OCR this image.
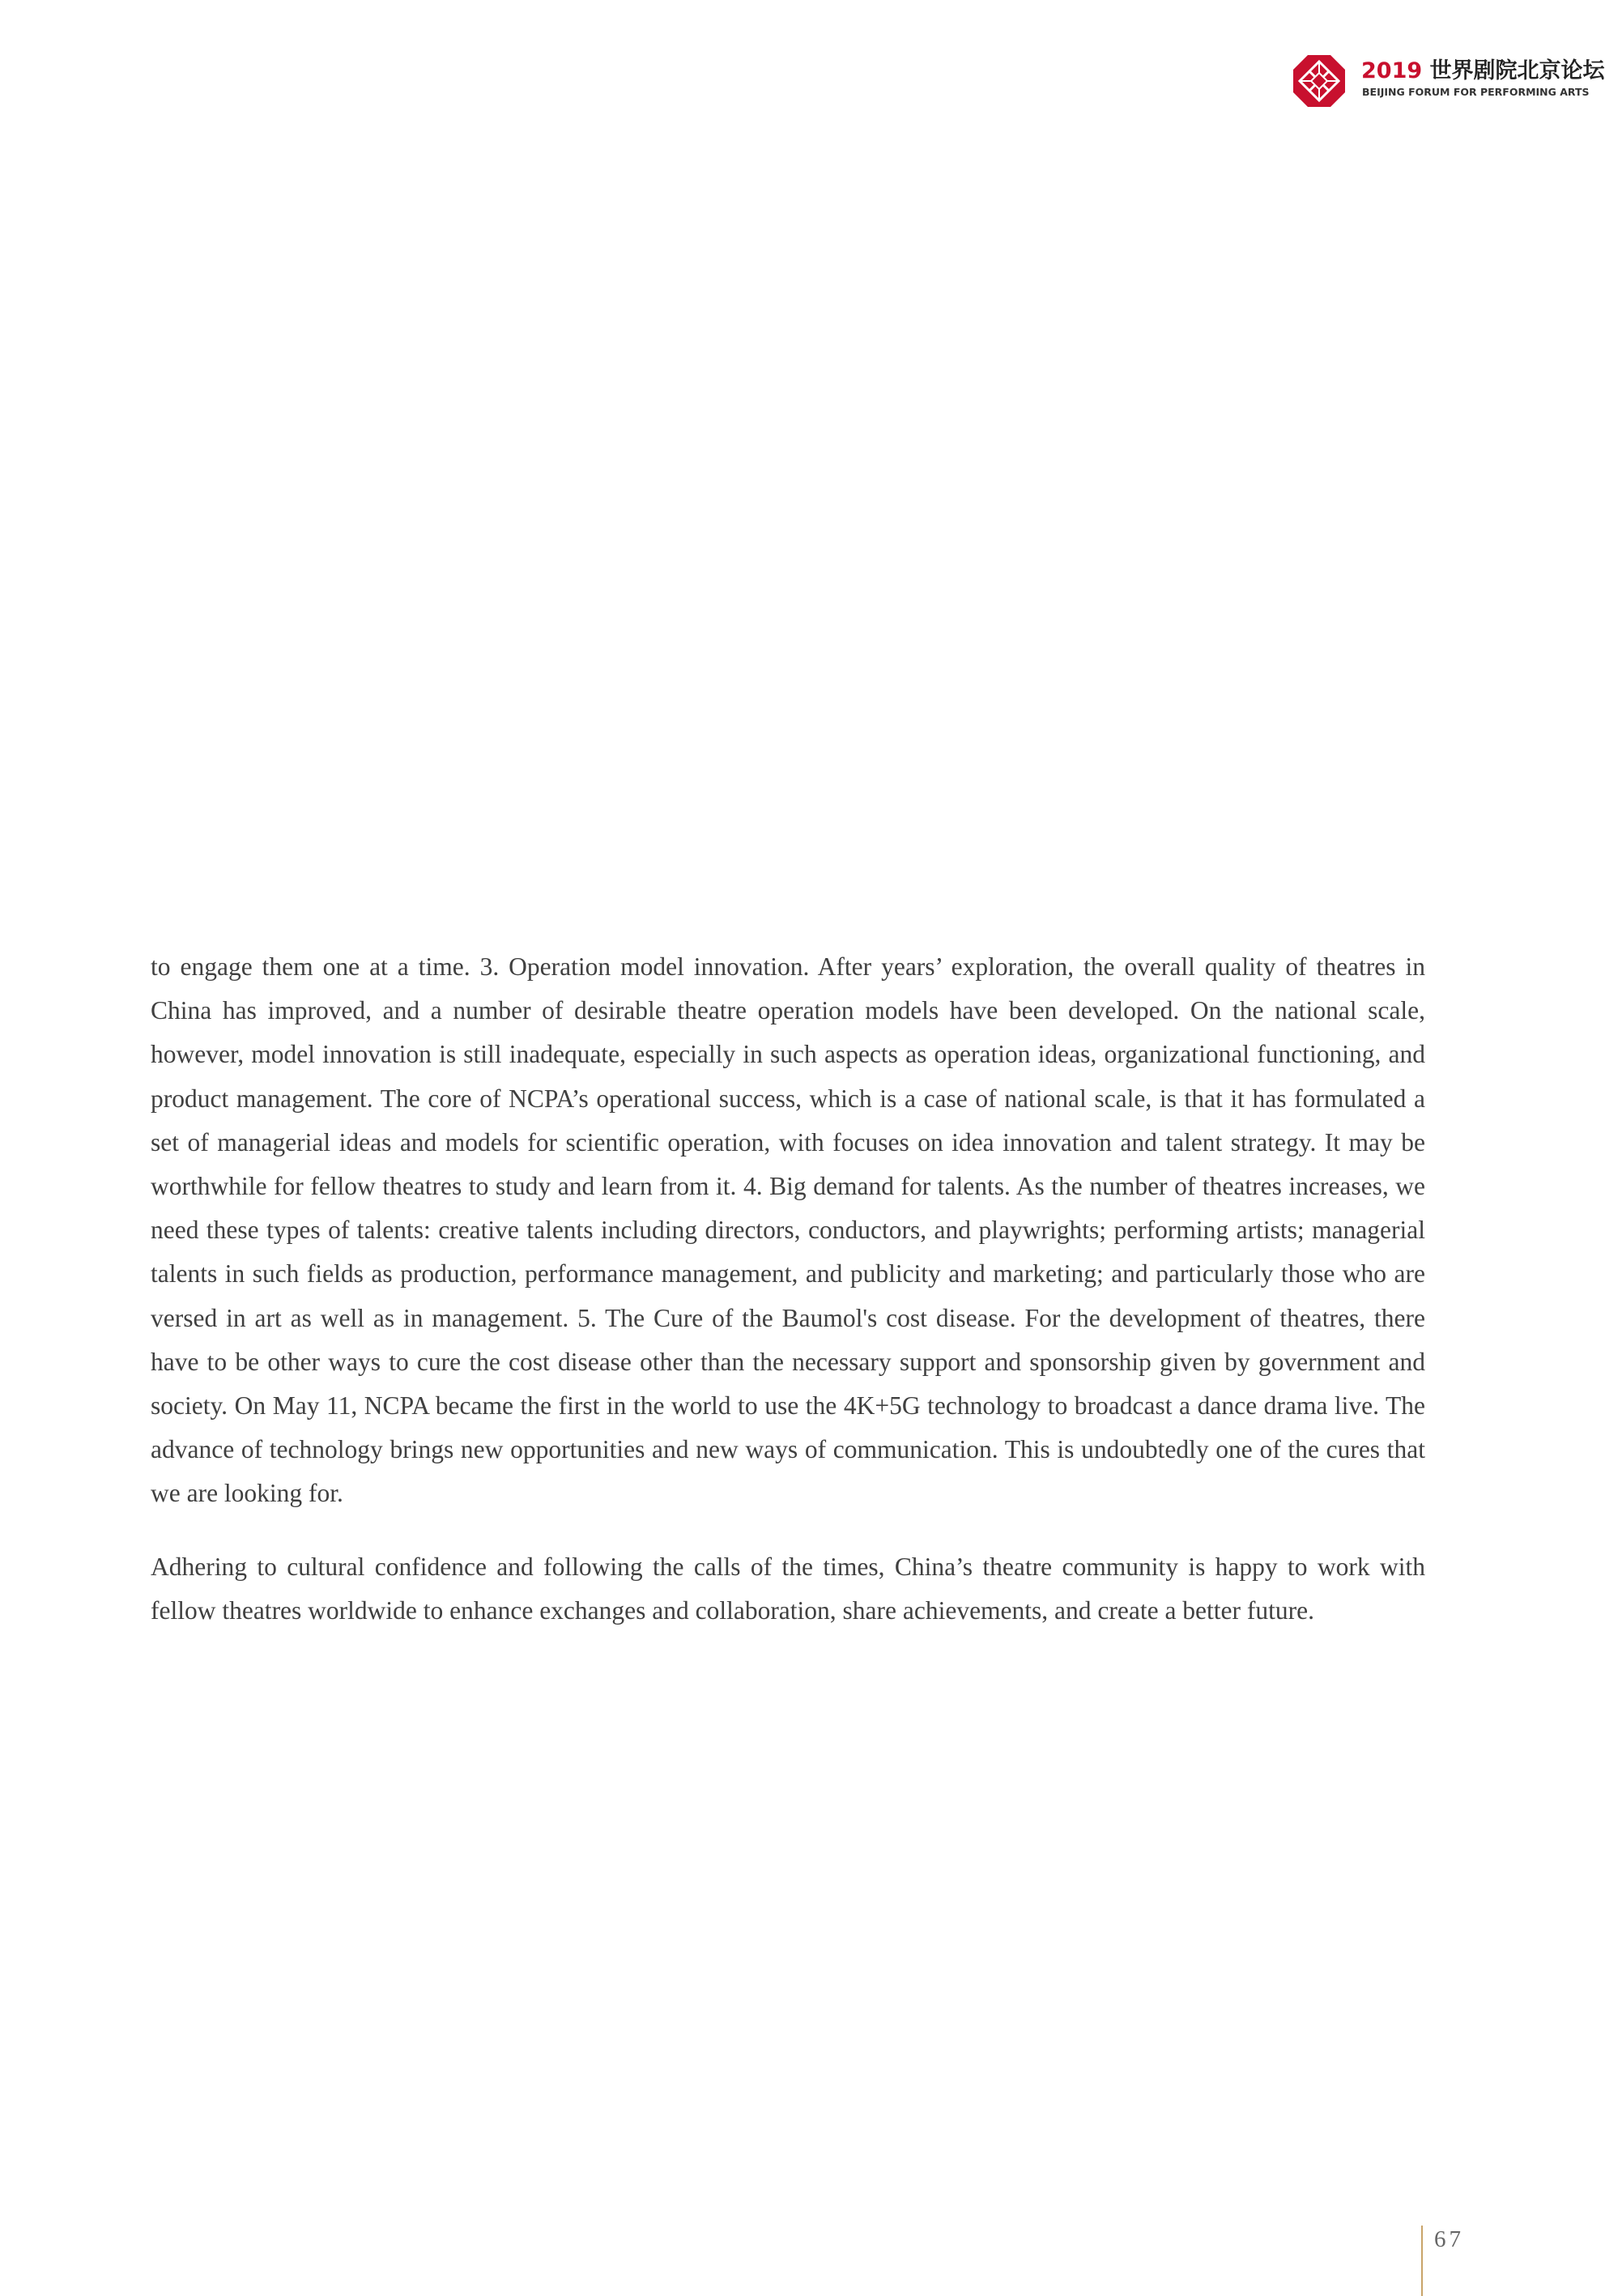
2019 世界剧院北京论坛
BEIJING FORUM FOR PERFORMING ARTS

to engage them one at a time. 3. Operation model innovation. After years’ exploration, the overall quality of theatres in China has improved, and a number of desirable theatre operation models have been developed. On the national scale, however, model innovation is still inadequate, especially in such aspects as operation ideas, organizational functioning, and product management. The core of NCPA’s operational success, which is a case of national scale, is that it has formulated a set of managerial ideas and models for scientific operation, with focuses on idea innovation and talent strategy. It may be worthwhile for fellow theatres to study and learn from it. 4. Big demand for talents. As the number of theatres increases, we need these types of talents: creative talents including directors, conductors, and playwrights; performing artists; managerial talents in such fields as production, performance management, and publicity and marketing; and particularly those who are versed in art as well as in management. 5. The Cure of the Baumol's cost disease. For the development of theatres, there have to be other ways to cure the cost disease other than the necessary support and sponsorship given by government and society. On May 11, NCPA became the first in the world to use the 4K+5G technology to broadcast a dance drama live. The advance of technology brings new opportunities and new ways of communication. This is undoubtedly one of the cures that we are looking for.

Adhering to cultural confidence and following the calls of the times, China’s theatre community is happy to work with fellow theatres worldwide to enhance exchanges and collaboration, share achievements, and create a better future.

67
